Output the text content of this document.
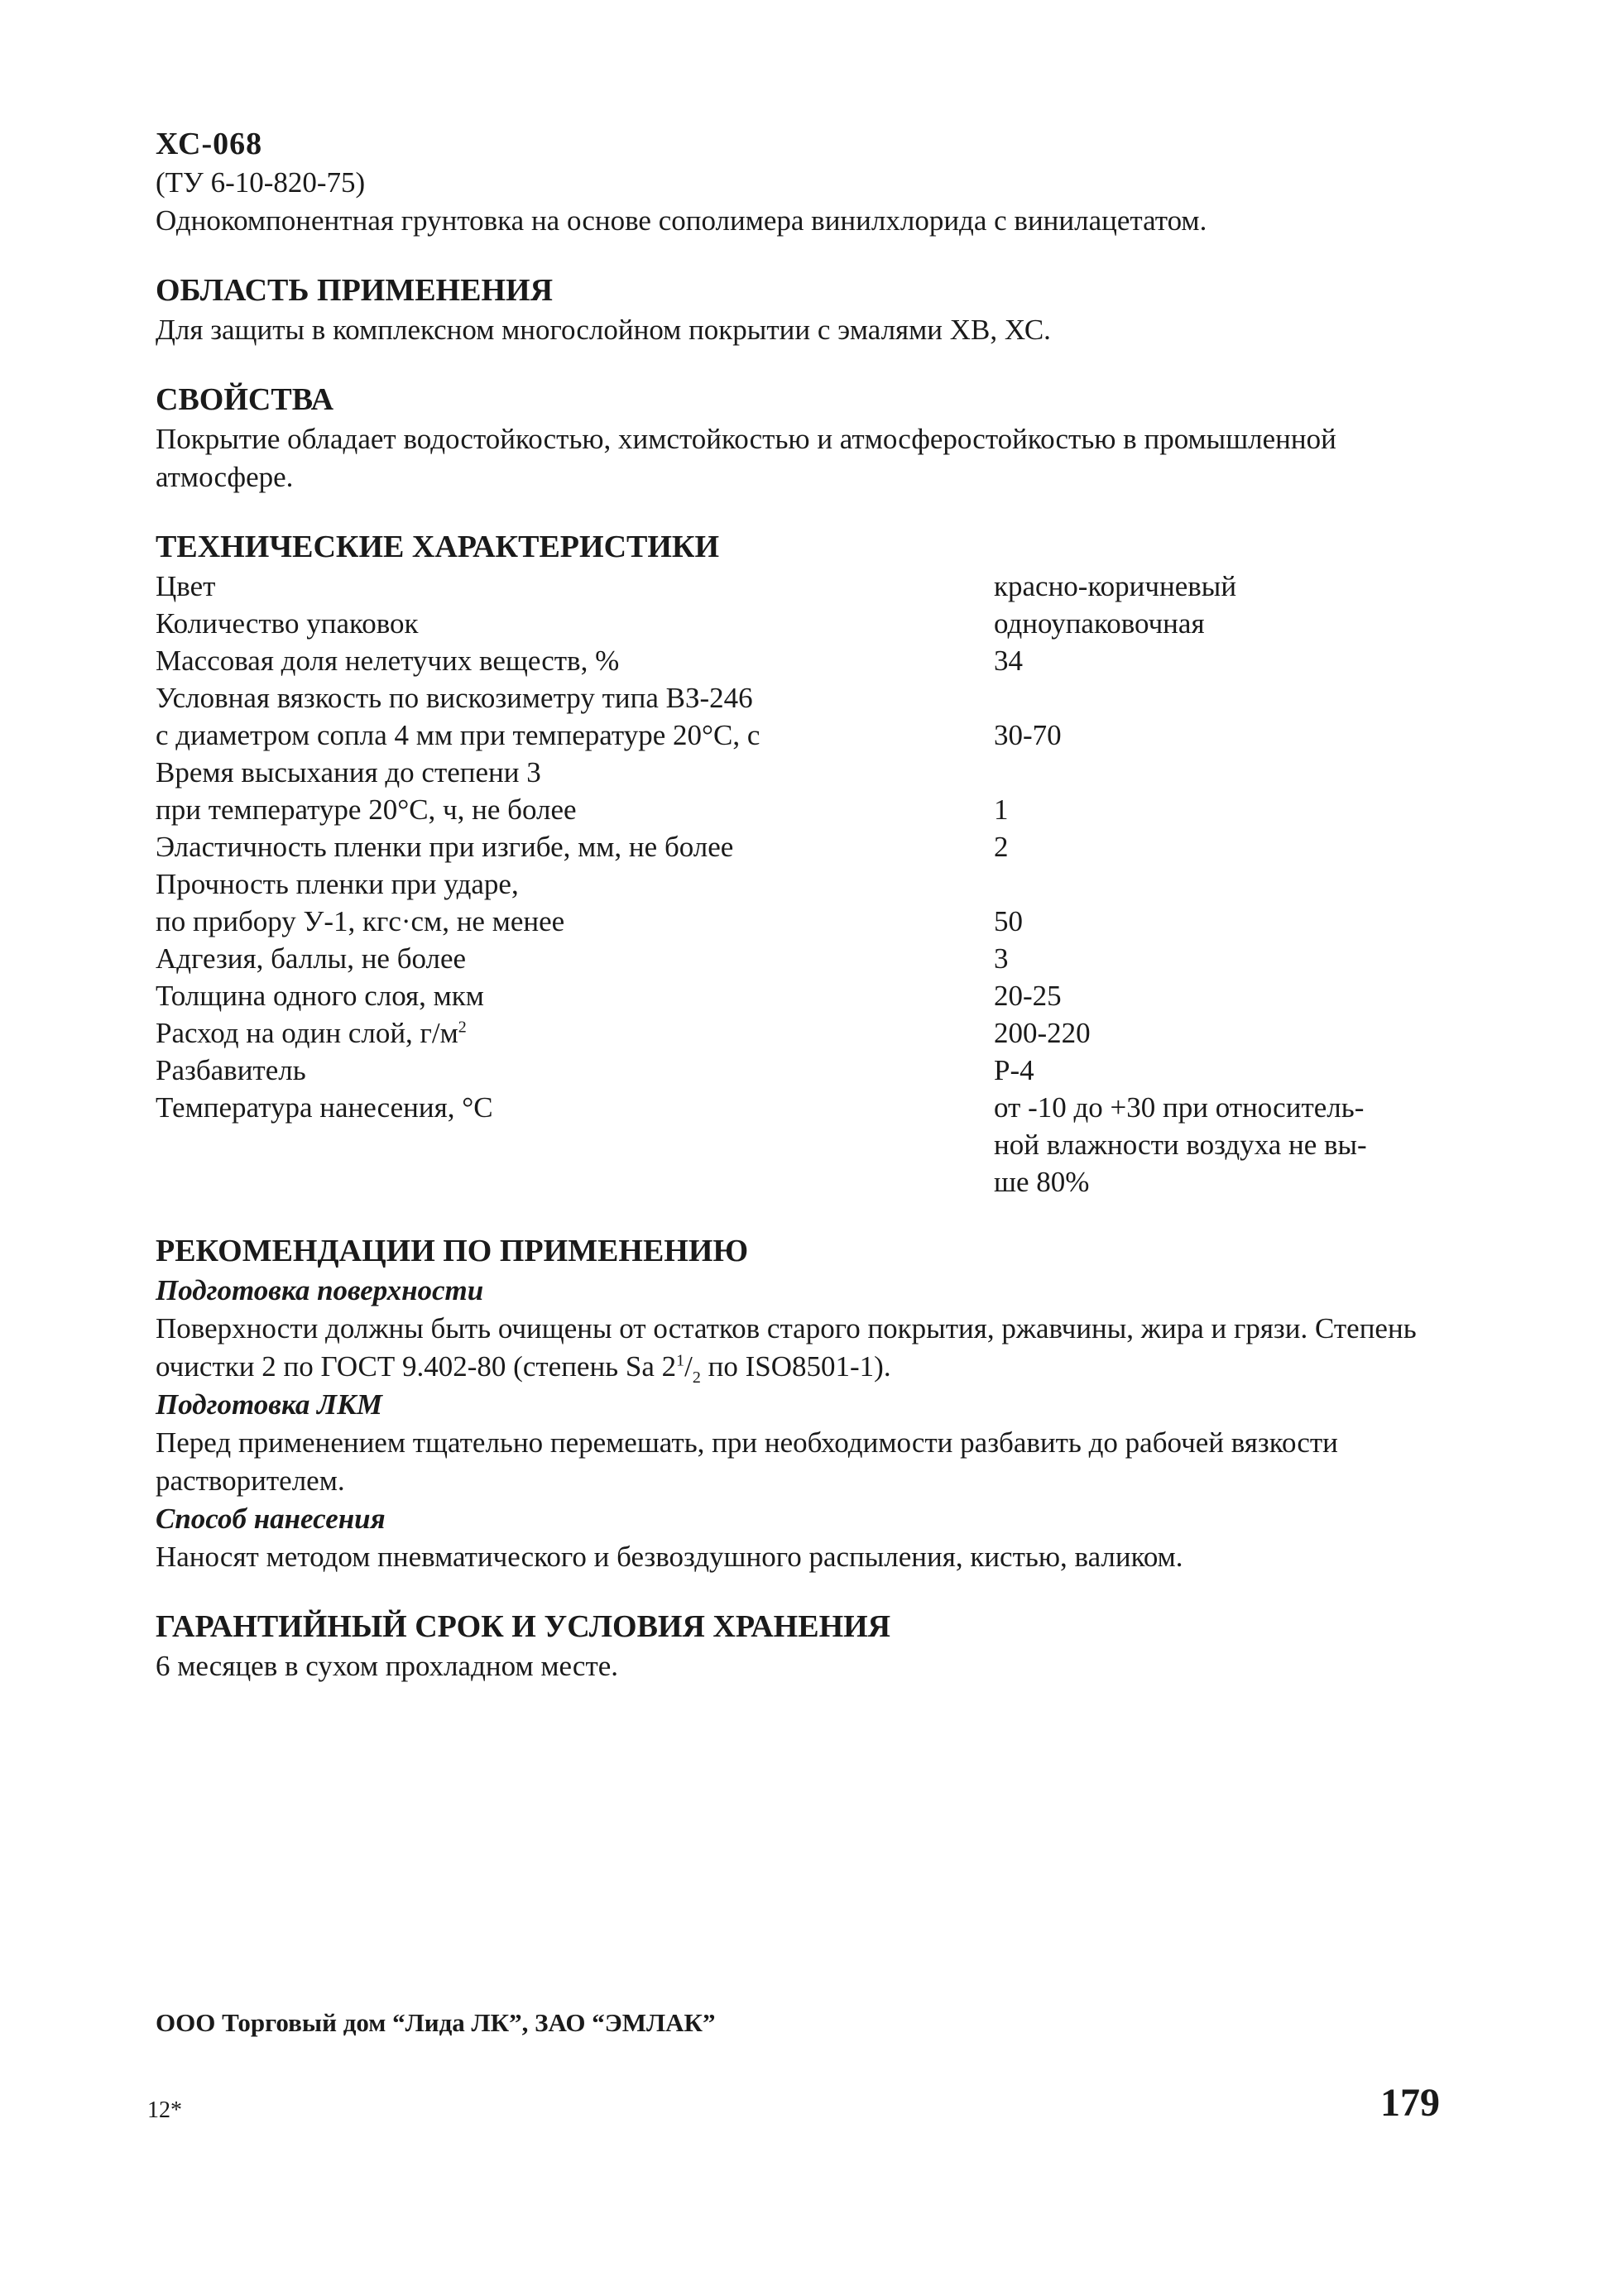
ХС-068
(ТУ 6-10-820-75)
Однокомпонентная грунтовка на основе сополимера винилхлорида с винилацетатом.
ОБЛАСТЬ ПРИМЕНЕНИЯ
Для защиты в комплексном многослойном покрытии с эмалями ХВ, ХС.
СВОЙСТВА
Покрытие обладает водостойкостью, химстойкостью и атмосферостойкостью в промышленной атмосфере.
ТЕХНИЧЕСКИЕ ХАРАКТЕРИСТИКИ
Цвет	красно-коричневый
Количество упаковок	одноупаковочная
Массовая доля нелетучих веществ, %	34
Условная вязкость по вискозиметру типа ВЗ-246	
с диаметром сопла 4 мм при температуре 20°С, с	30-70
Время высыхания до степени 3	
при температуре 20°С, ч, не более	1
Эластичность пленки при изгибе, мм, не более	2
Прочность пленки при ударе,	
по прибору У-1, кгс·см, не менее	50
Адгезия, баллы, не более	3
Толщина одного слоя, мкм	20-25
Расход на один слой, $г/м^2$	200-220
Разбавитель	Р-4
Температура нанесения, °С	от -10 до +30 при относитель-
ной влажности воздуха не вы-
ше 80%
РЕКОМЕНДАЦИИ ПО ПРИМЕНЕНИЮ
Подготовка поверхности
Поверхности должны быть очищены от остатков старого покрытия, ржавчины, жира и грязи. Степень очистки 2 по ГОСТ 9.402-80 (степень Sa $2^1/_2$ по ISO8501-1).
Подготовка ЛКМ
Перед применением тщательно перемешать, при необходимости разбавить до рабочей вязкости растворителем.
Способ нанесения
Наносят методом пневматического и безвоздушного распыления, кистью, валиком.
ГАРАНТИЙНЫЙ СРОК И УСЛОВИЯ ХРАНЕНИЯ
6 месяцев в сухом прохладном месте.
ООО Торговый дом “Лида ЛК”, ЗАО “ЭМЛАК”
12*	179
